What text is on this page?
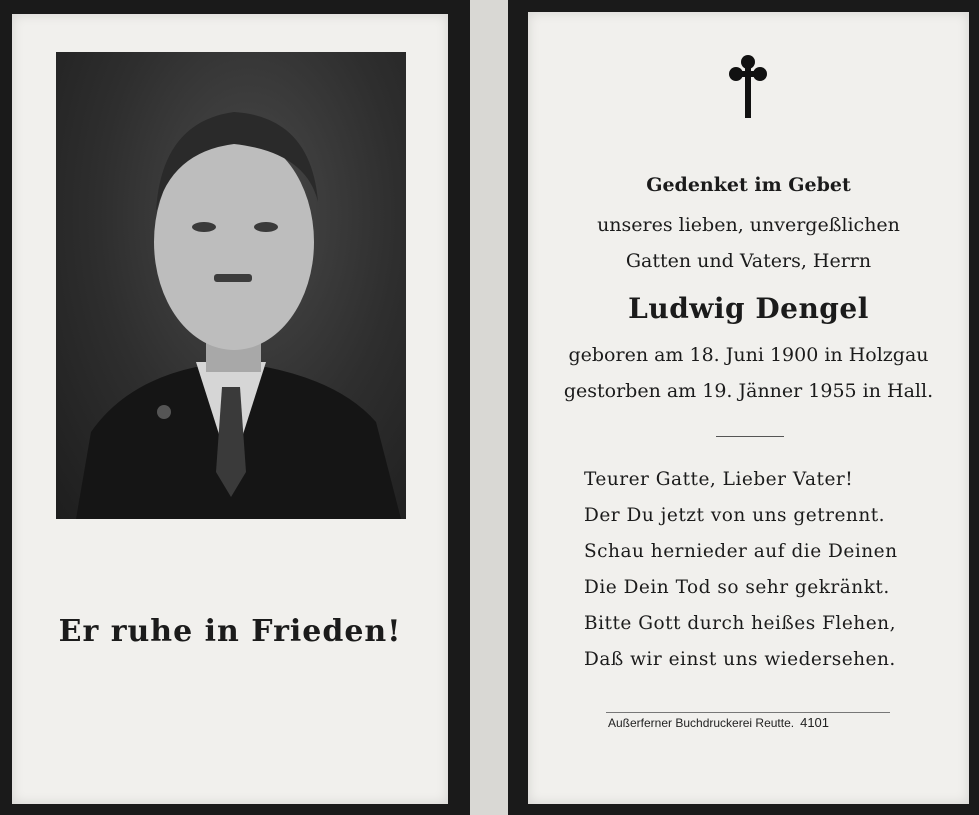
Er ruhe in Frieden!
Gedenket im Gebet
unseres lieben, unvergeßlichen
Gatten und Vaters, Herrn
Ludwig Dengel
geboren am 18. Juni 1900 in Holzgau
gestorben am 19. Jänner 1955 in Hall.
Teurer Gatte, Lieber Vater!
Der Du jetzt von uns getrennt.
Schau hernieder auf die Deinen
Die Dein Tod so sehr gekränkt.
Bitte Gott durch heißes Flehen,
Daß wir einst uns wiedersehen.
Außerferner Buchdruckerei Reutte. 4101
